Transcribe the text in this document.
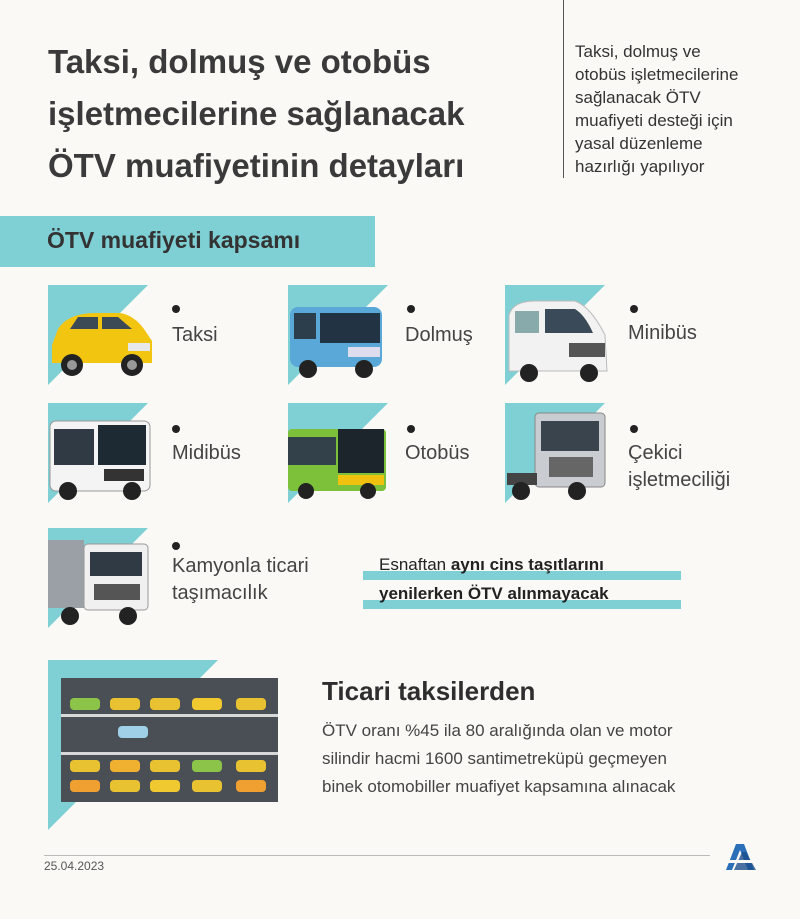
Taksi, dolmuş ve otobüs
işletmecilerine sağlanacak
ÖTV muafiyetinin detayları
Taksi, dolmuş ve
otobüs işletmecilerine
sağlanacak ÖTV
muafiyeti desteği için
yasal düzenleme
hazırlığı yapılıyor
ÖTV muafiyeti kapsamı
Taksi	Dolmuş	Minibüs
Midibüs	Otobüs	Çekici
işletmeciliği
Kamyonla ticari
taşımacılık
Esnaftan aynı cins taşıtlarını
yenilerken ÖTV alınmayacak
Ticari taksilerden
ÖTV oranı %45 ila 80 aralığında olan ve motor
silindir hacmi 1600 santimetreküpü geçmeyen
binek otomobiller muafiyet kapsamına alınacak
25.04.2023
